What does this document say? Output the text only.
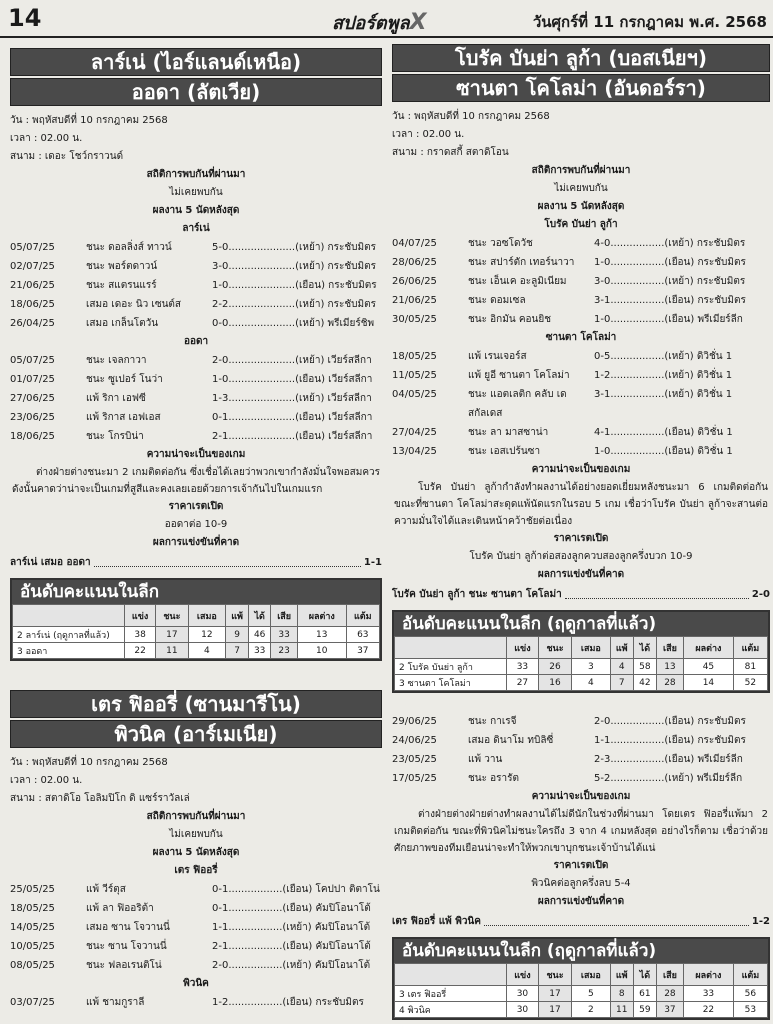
14	สปอร์ตพูลX	วันศุกร์ที่ 11 กรกฎาคม พ.ศ. 2568
ลาร์เน่ (ไอร์แลนด์เหนือ)
ออดา (ลัตเวีย)
วัน : พฤหัสบดีที่ 10 กรกฎาคม 2568
เวลา : 02.00 น.
สนาม : เดอะ โชว์กราวนด์
สถิติการพบกันที่ผ่านมา
ไม่เคยพบกัน
ผลงาน 5 นัดหลังสุด
ลาร์เน่
05/07/25	ชนะ ดอลลิ่งส์ ทาวน์	5-0.....................(เหย้า) กระชับมิตร
02/07/25	ชนะ พอร์ตดาวน์	3-0.....................(เหย้า) กระชับมิตร
21/06/25	ชนะ สแตรนแรร์	1-0.....................(เยือน) กระชับมิตร
18/06/25	เสมอ เดอะ นิว เซนต์ส	2-2.....................(เหย้า) กระชับมิตร
26/04/25	เสมอ เกล็นโตวัน	0-0.....................(เหย้า) พรีเมียร์ชิพ
ออดา
05/07/25	ชนะ เจลกาวา	2-0.....................(เหย้า) เวียร์สลีกา
01/07/25	ชนะ ซูเปอร์ โนว่า	1-0.....................(เยือน) เวียร์สลีกา
27/06/25	แพ้ ริกา เอฟซี	1-3.....................(เหย้า) เวียร์สลีกา
23/06/25	แพ้ ริกาส เอฟเอส	0-1.....................(เยือน) เวียร์สลีกา
18/06/25	ชนะ โกรบิน่า	2-1.....................(เยือน) เวียร์สลีกา
ความน่าจะเป็นของเกม
ต่างฝ่ายต่างชนะมา 2 เกมติดต่อกัน ซึ่งเชื่อได้เลยว่าพวกเขากำลังมั่นใจพอสมควร ดังนั้นคาดว่าน่าจะเป็นเกมที่สูสีและคงเลยเอยด้วยการเจ้ากันไปในเกมแรก
ราคาเรตเปิด
ออดาต่อ 10-9
ผลการแข่งขันที่คาด
ลาร์เน่ เสมอ ออดา	1-1
อันดับคะแนนในลีก
	แข่ง	ชนะ	เสมอ	แพ้	ได้	เสีย	ผลต่าง	แต้ม
2 ลาร์เน่ (ฤดูกาลที่แล้ว)	38	17	12	9	46	33	13	63
3 ออดา	22	11	4	7	33	23	10	37
โบรัค บันย่า ลูก้า (บอสเนียฯ)
ซานตา โคโลม่า (อันดอร์รา)
วัน : พฤหัสบดีที่ 10 กรกฎาคม 2568
เวลา : 02.00 น.
สนาม : กราดสกี้ สตาดิโอน
สถิติการพบกันที่ผ่านมา
ไม่เคยพบกัน
ผลงาน 5 นัดหลังสุด
โบรัค บันย่า ลูก้า
04/07/25	ชนะ วอซโดวัช	4-0.................(เหย้า) กระชับมิตร
28/06/25	ชนะ สปาร์ตัก เทอร์นาวา	1-0.................(เยือน) กระชับมิตร
26/06/25	ชนะ เอ็นเค อะลูมิเนียม	3-0.................(เหย้า) กระชับมิตร
21/06/25	ชนะ ดอมเซล	3-1.................(เยือน) กระชับมิตร
30/05/25	ชนะ อิกมัน คอนยิช	1-0.................(เยือน) พรีเมียร์ลีก
ซานตา โคโลม่า
18/05/25	แพ้ เรนเจอร์ส	0-5.................(เหย้า) ดิวิชั่น 1
11/05/25	แพ้ ยูอี ซานตา โคโลม่า	1-2.................(เหย้า) ดิวิชั่น 1
04/05/25	ชนะ แอตเลติก คลับ เดสกัลเดส
3-1.................(เหย้า) ดิวิชั่น 1
27/04/25	ชนะ ลา มาสซาน่า	4-1.................(เยือน) ดิวิชั่น 1
13/04/25	ชนะ เอสเปร้นซา	1-0.................(เยือน) ดิวิชั่น 1
ความน่าจะเป็นของเกม
โบรัค บันย่า ลูก้ากำลังทำผลงานได้อย่างยอดเยี่ยมหลังชนะมา 6 เกมติดต่อกัน ขณะที่ซานตา โคโลม่าสะดุดแพ้นัดแรกในรอบ 5 เกม เชื่อว่าโบรัค บันย่า ลูก้าจะสานต่อความมั่นใจได้และเดินหน้าคว้าชัยต่อเนื่อง
ราคาเรตเปิด
โบรัค บันย่า ลูก้าต่อสองลูกควบสองลูกครึ่งบวก 10-9
ผลการแข่งขันที่คาด
โบรัค บันย่า ลูก้า ชนะ ซานตา โคโลม่า	2-0
อันดับคะแนนในลีก (ฤดูกาลที่แล้ว)
	แข่ง	ชนะ	เสมอ	แพ้	ได้	เสีย	ผลต่าง	แต้ม
2 โบรัค บันย่า ลูก้า	33	26	3	4	58	13	45	81
3 ซานตา โคโลม่า	27	16	4	7	42	28	14	52
เตร ฟิออรี่ (ซานมารีโน)
พิวนิค (อาร์เมเนีย)
วัน : พฤหัสบดีที่ 10 กรกฎาคม 2568
เวลา : 02.00 น.
สนาม : สตาดิโอ โอลิมปิโก ดิ แซร์ราวัลเล่
สถิติการพบกันที่ผ่านมา
ไม่เคยพบกัน
ผลงาน 5 นัดหลังสุด
เตร ฟิออรี่
25/05/25	แพ้ วีร์ตุส	0-1.................(เยือน) โคปปา ติตาโน่
18/05/25	แพ้ ลา ฟิออริต้า	0-1.................(เยือน) คัมปิโอนาโต้
14/05/25	เสมอ ซาน โจวานนี่	1-1.................(เหย้า) คัมปิโอนาโต้
10/05/25	ชนะ ซาน โจวานนี่	2-1.................(เยือน) คัมปิโอนาโต้
08/05/25	ชนะ ฟลอเรนติโน่	2-0.................(เหย้า) คัมปิโอนาโต้
พิวนิค
03/07/25	แพ้ ชามกูราลี	1-2.................(เยือน) กระชับมิตร
29/06/25	ชนะ กาเรจี	2-0.................(เยือน) กระชับมิตร
24/06/25	เสมอ ดินาโม ทบิลิซี่	1-1.................(เยือน) กระชับมิตร
23/05/25	แพ้ วาน	2-3.................(เยือน) พรีเมียร์ลีก
17/05/25	ชนะ อรารัต	5-2.................(เหย้า) พรีเมียร์ลีก
ความน่าจะเป็นของเกม
ต่างฝ่ายต่างฝ่ายต่างทำผลงานได้ไม่ดีนักในช่วงที่ผ่านมา โดยเตร ฟิออรี่แพ้มา 2 เกมติดต่อกัน ขณะที่พิวนิคไม่ชนะใครถึง 3 จาก 4 เกมหลังสุด อย่างไรก็ตาม เชื่อว่าด้วยศักยภาพของทีมเยือนน่าจะทำให้พวกเขาบุกชนะเจ้าบ้านได้แน่
ราคาเรตเปิด
พิวนิคต่อลูกครึ่งลบ 5-4
ผลการแข่งขันที่คาด
เตร ฟิออรี่ แพ้ พิวนิค	1-2
อันดับคะแนนในลีก (ฤดูกาลที่แล้ว)
	แข่ง	ชนะ	เสมอ	แพ้	ได้	เสีย	ผลต่าง	แต้ม
3 เตร ฟิออรี่	30	17	5	8	61	28	33	56
4 พิวนิค	30	17	2	11	59	37	22	53
